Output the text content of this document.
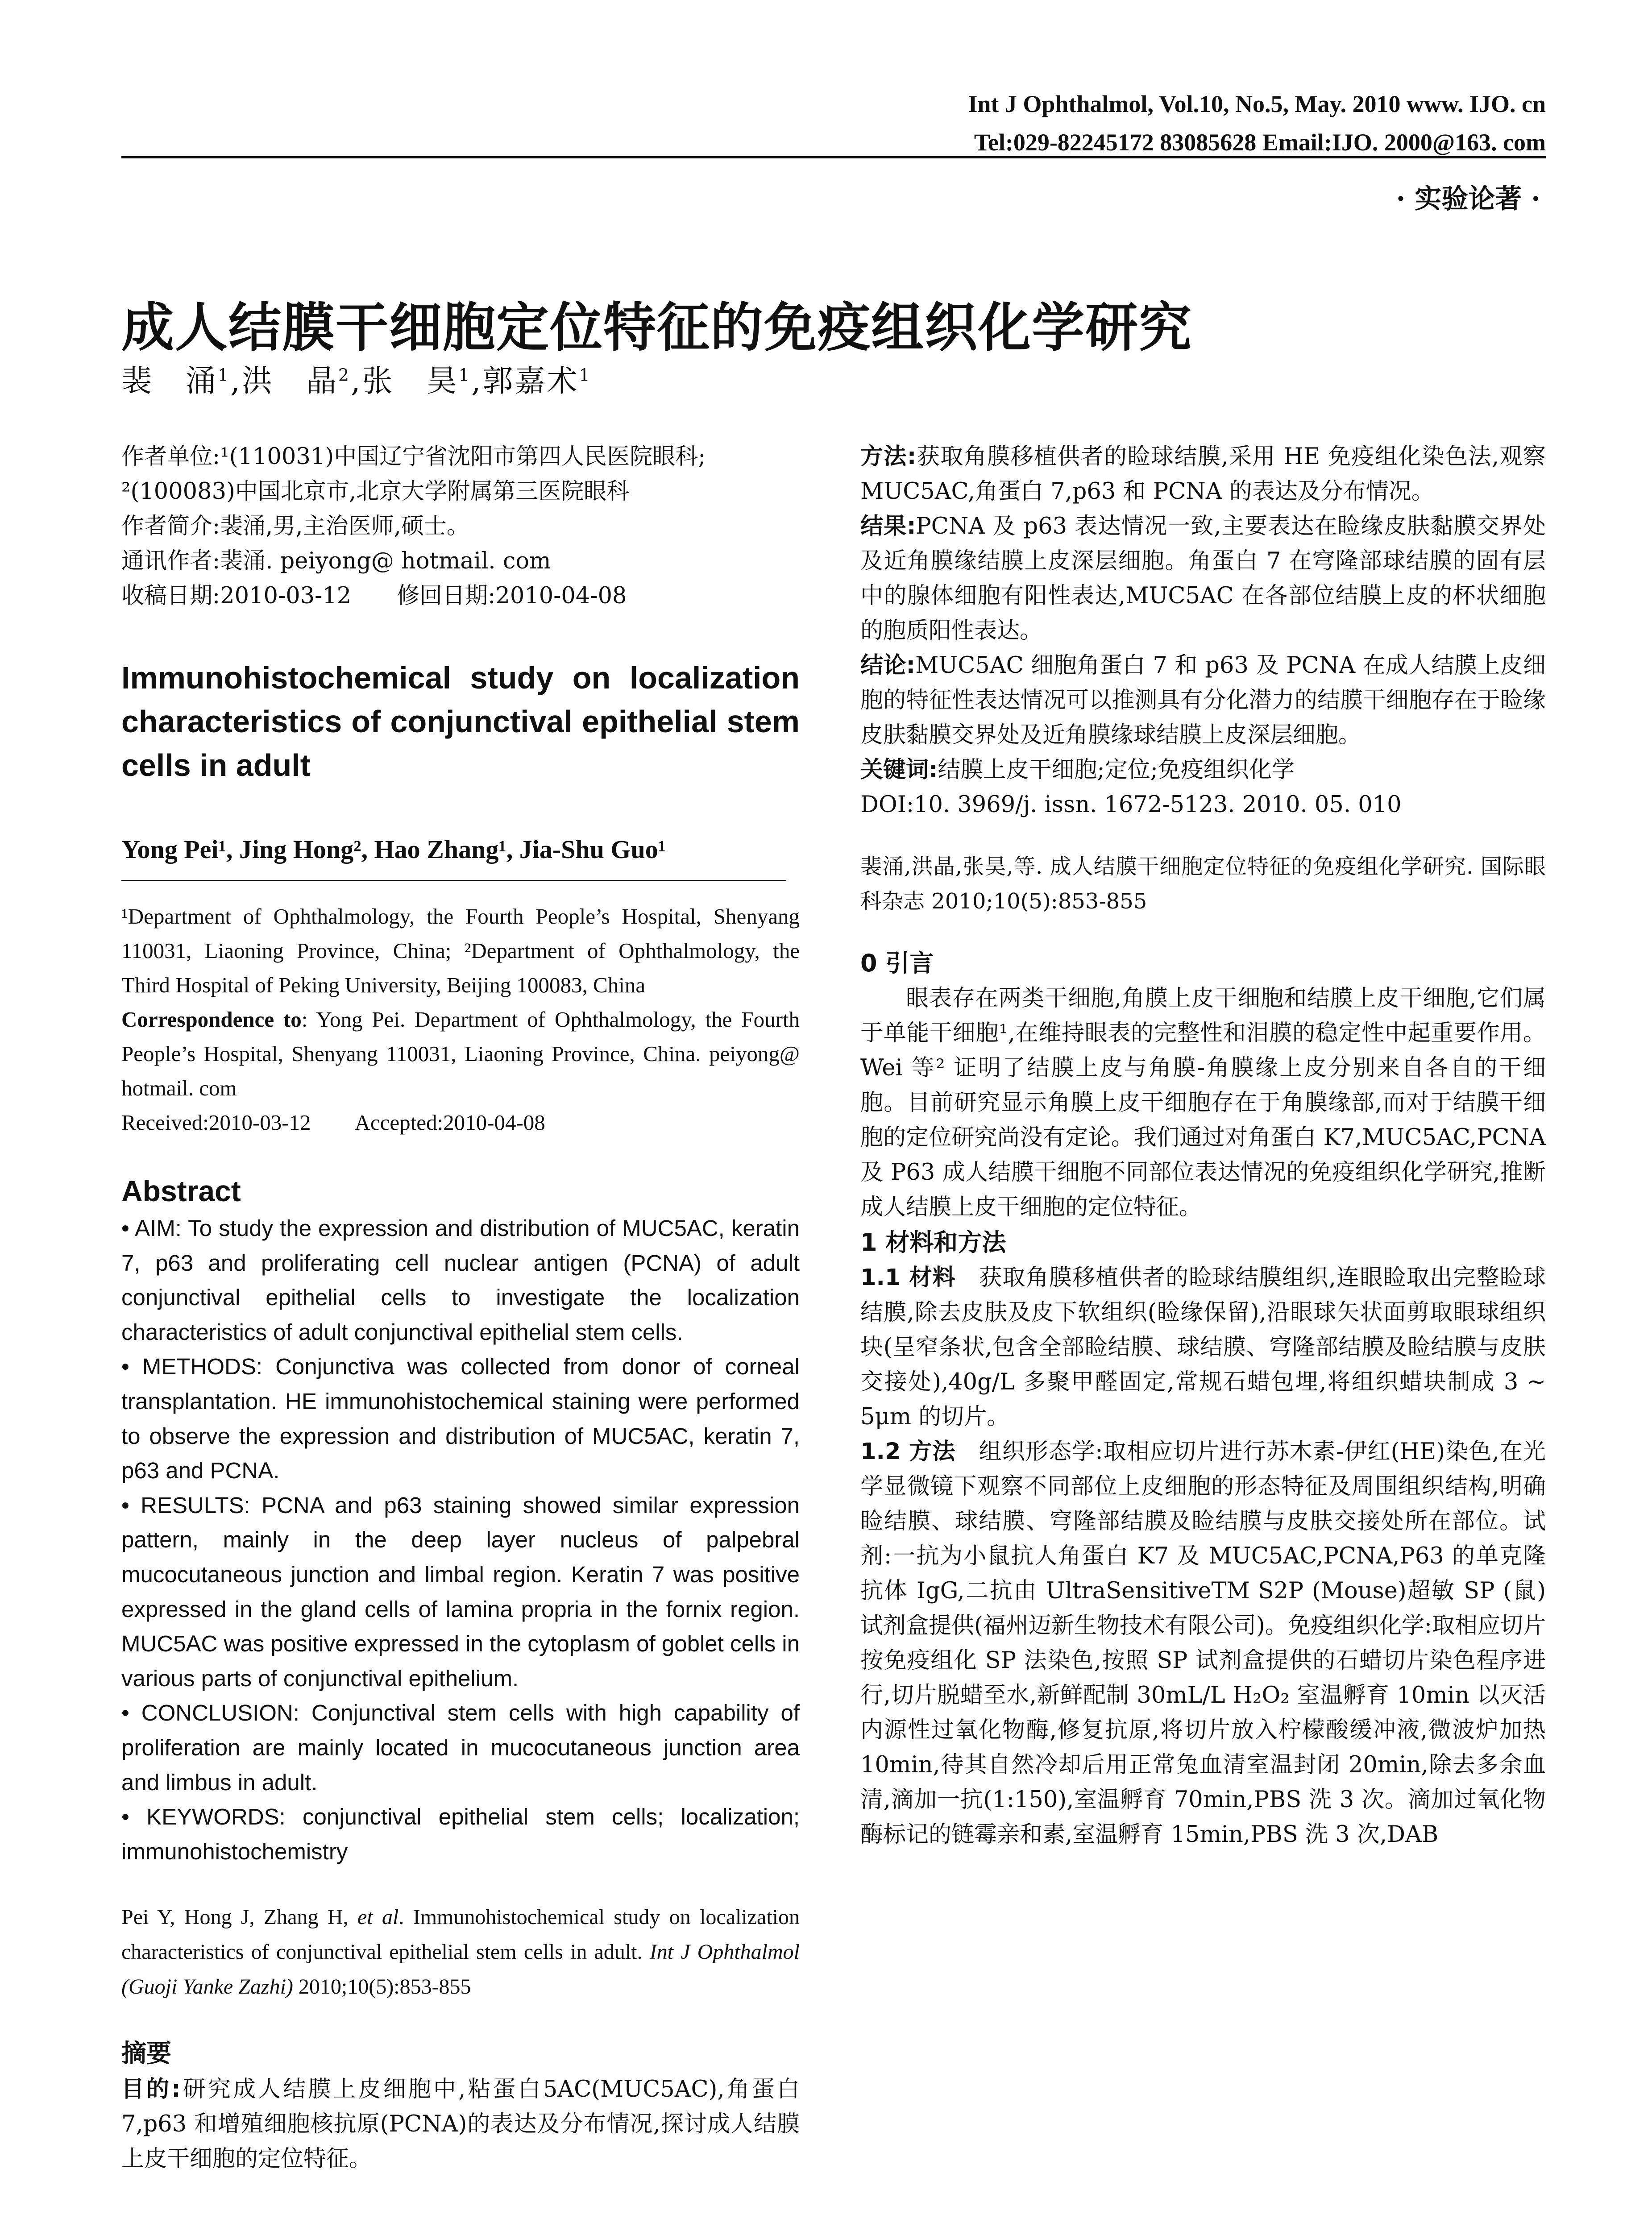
Int J Ophthalmol, Vol.10, No.5, May. 2010 www. IJO. cn
Tel:029-82245172 83085628 Email:IJO. 2000@163. com
· 实验论著 ·
成人结膜干细胞定位特征的免疫组织化学研究
裴　涌$^1$,洪　晶$^2$,张　昊$^1$,郭嘉术$^1$

作者单位:¹(110031)中国辽宁省沈阳市第四人民医院眼科;

²(100083)中国北京市,北京大学附属第三医院眼科

作者简介:裴涌,男,主治医师,硕士。

通讯作者:裴涌. peiyong@ hotmail. com

收稿日期:2010-03-12　　修回日期:2010-04-08

Immunohistochemical study on localization characteristics of conjunctival epithelial stem cells in adult
Yong Pei¹, Jing Hong², Hao Zhang¹, Jia-Shu Guo¹

¹Department of Ophthalmology, the Fourth People’s Hospital, Shenyang 110031, Liaoning Province, China; ²Department of Ophthalmology, the Third Hospital of Peking University, Beijing 100083, China

Correspondence to: Yong Pei. Department of Ophthalmology, the Fourth People’s Hospital, Shenyang 110031, Liaoning Province, China. peiyong@ hotmail. com

Received:2010-03-12　　Accepted:2010-04-08

Abstract

• AIM: To study the expression and distribution of MUC5AC, keratin 7, p63 and proliferating cell nuclear antigen (PCNA) of adult conjunctival epithelial cells to investigate the localization characteristics of adult conjunctival epithelial stem cells.

• METHODS: Conjunctiva was collected from donor of corneal transplantation. HE immunohistochemical staining were performed to observe the expression and distribution of MUC5AC, keratin 7, p63 and PCNA.

• RESULTS: PCNA and p63 staining showed similar expression pattern, mainly in the deep layer nucleus of palpebral mucocutaneous junction and limbal region. Keratin 7 was positive expressed in the gland cells of lamina propria in the fornix region. MUC5AC was positive expressed in the cytoplasm of goblet cells in various parts of conjunctival epithelium.

• CONCLUSION: Conjunctival stem cells with high capability of proliferation are mainly located in mucocutaneous junction area and limbus in adult.

• KEYWORDS: conjunctival epithelial stem cells; localization; immunohistochemistry

Pei Y, Hong J, Zhang H, et al. Immunohistochemical study on localization characteristics of conjunctival epithelial stem cells in adult. Int J Ophthalmol (Guoji Yanke Zazhi) 2010;10(5):853-855

摘要

目的:研究成人结膜上皮细胞中,粘蛋白5AC(MUC5AC),角蛋白7,p63 和增殖细胞核抗原(PCNA)的表达及分布情况,探讨成人结膜上皮干细胞的定位特征。

方法:获取角膜移植供者的睑球结膜,采用 HE 免疫组化染色法,观察 MUC5AC,角蛋白 7,p63 和 PCNA 的表达及分布情况。

结果:PCNA 及 p63 表达情况一致,主要表达在睑缘皮肤黏膜交界处及近角膜缘结膜上皮深层细胞。角蛋白 7 在穹隆部球结膜的固有层中的腺体细胞有阳性表达,MUC5AC 在各部位结膜上皮的杯状细胞的胞质阳性表达。

结论:MUC5AC 细胞角蛋白 7 和 p63 及 PCNA 在成人结膜上皮细胞的特征性表达情况可以推测具有分化潜力的结膜干细胞存在于睑缘皮肤黏膜交界处及近角膜缘球结膜上皮深层细胞。

关键词:结膜上皮干细胞;定位;免疫组织化学

DOI:10. 3969/j. issn. 1672-5123. 2010. 05. 010

裴涌,洪晶,张昊,等. 成人结膜干细胞定位特征的免疫组化学研究. 国际眼科杂志 2010;10(5):853-855

0 引言

眼表存在两类干细胞,角膜上皮干细胞和结膜上皮干细胞,它们属于单能干细胞¹,在维持眼表的完整性和泪膜的稳定性中起重要作用。Wei 等² 证明了结膜上皮与角膜-角膜缘上皮分别来自各自的干细胞。目前研究显示角膜上皮干细胞存在于角膜缘部,而对于结膜干细胞的定位研究尚没有定论。我们通过对角蛋白 K7,MUC5AC,PCNA 及 P63 成人结膜干细胞不同部位表达情况的免疫组织化学研究,推断成人结膜上皮干细胞的定位特征。

1 材料和方法

1.1 材料　获取角膜移植供者的睑球结膜组织,连眼睑取出完整睑球结膜,除去皮肤及皮下软组织(睑缘保留),沿眼球矢状面剪取眼球组织块(呈窄条状,包含全部睑结膜、球结膜、穹隆部结膜及睑结膜与皮肤交接处),40g/L 多聚甲醛固定,常规石蜡包埋,将组织蜡块制成 3 ~ 5μm 的切片。

1.2 方法　组织形态学:取相应切片进行苏木素-伊红(HE)染色,在光学显微镜下观察不同部位上皮细胞的形态特征及周围组织结构,明确睑结膜、球结膜、穹隆部结膜及睑结膜与皮肤交接处所在部位。试剂:一抗为小鼠抗人角蛋白 K7 及 MUC5AC,PCNA,P63 的单克隆抗体 IgG,二抗由 UltraSensitiveTM S2P (Mouse)超敏 SP (鼠)试剂盒提供(福州迈新生物技术有限公司)。免疫组织化学:取相应切片按免疫组化 SP 法染色,按照 SP 试剂盒提供的石蜡切片染色程序进行,切片脱蜡至水,新鲜配制 30mL/L H₂O₂ 室温孵育 10min 以灭活内源性过氧化物酶,修复抗原,将切片放入柠檬酸缓冲液,微波炉加热 10min,待其自然冷却后用正常兔血清室温封闭 20min,除去多余血清,滴加一抗(1:150),室温孵育 70min,PBS 洗 3 次。滴加过氧化物酶标记的链霉亲和素,室温孵育 15min,PBS 洗 3 次,DAB
